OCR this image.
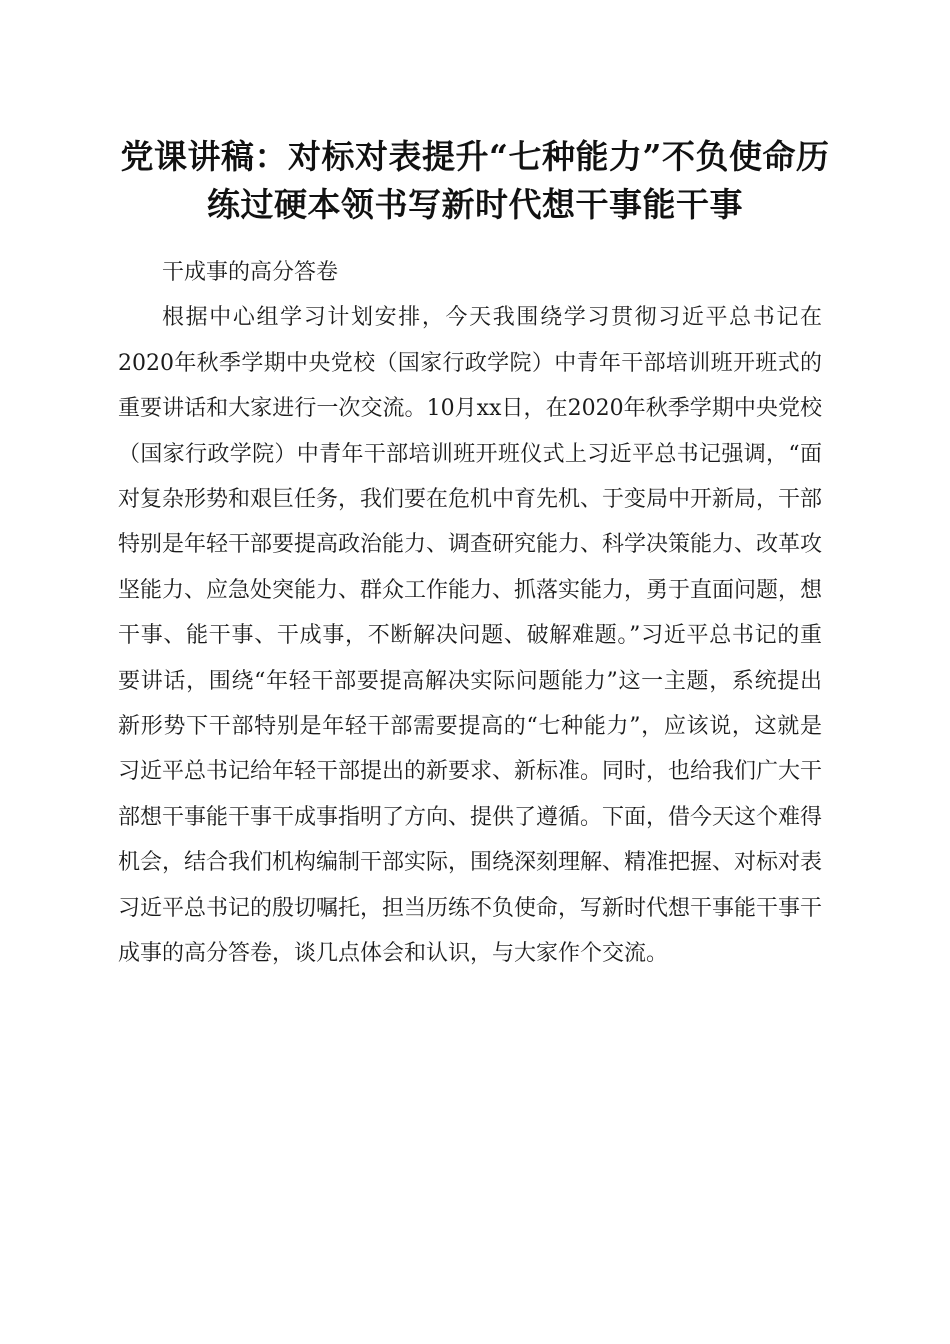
党课讲稿：对标对表提升“七种能力”不负使命历练过硬本领书写新时代想干事能干事

干成事的高分答卷

根据中心组学习计划安排，今天我围绕学习贯彻习近平总书记在2020年秋季学期中央党校（国家行政学院）中青年干部培训班开班式的重要讲话和大家进行一次交流。10月xx日，在2020年秋季学期中央党校（国家行政学院）中青年干部培训班开班仪式上习近平总书记强调，“面对复杂形势和艰巨任务，我们要在危机中育先机、于变局中开新局，干部特别是年轻干部要提高政治能力、调查研究能力、科学决策能力、改革攻坚能力、应急处突能力、群众工作能力、抓落实能力，勇于直面问题，想干事、能干事、干成事，不断解决问题、破解难题。”习近平总书记的重要讲话，围绕“年轻干部要提高解决实际问题能力”这一主题，系统提出新形势下干部特别是年轻干部需要提高的“七种能力”，应该说，这就是习近平总书记给年轻干部提出的新要求、新标准。同时，也给我们广大干部想干事能干事干成事指明了方向、提供了遵循。下面，借今天这个难得机会，结合我们机构编制干部实际，围绕深刻理解、精准把握、对标对表习近平总书记的殷切嘱托，担当历练不负使命，写新时代想干事能干事干成事的高分答卷，谈几点体会和认识，与大家作个交流。
